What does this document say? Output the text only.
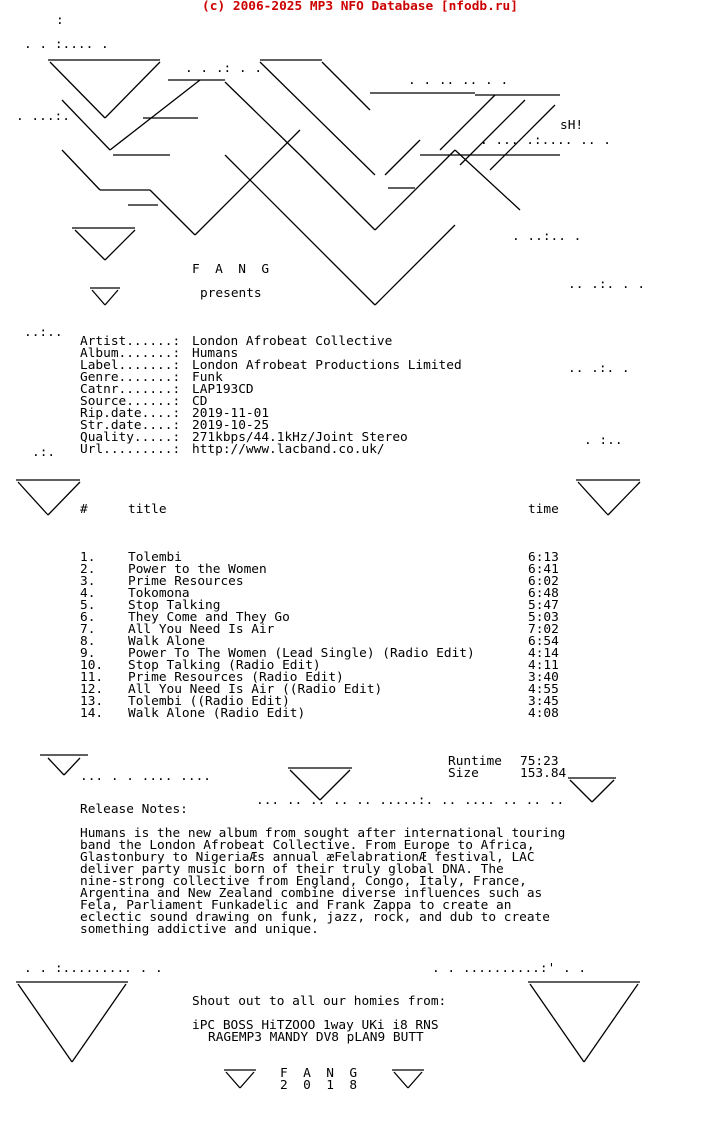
(c) 2006-2025 MP3 NFO Database [nfodb.ru]
:
. . :.... .
. . .: . .
. . .. .. . .
. ...:.
. ... .:.... .. .
..:..
.. .:. .
.. .:. . .
. ..:.. .
. :..
.:.
... . . .... ....
... .. .. .. .. .....:. .. .... .. .. ..
. . :......... . .	. . ..........:' . .
sH!
F  A  N  G
presents
Artist......: London Afrobeat Collective
Album.......: Humans
Label.......: London Afrobeat Productions Limited
Genre.......: Funk
Catnr.......: LAP193CD
Source......: CD
Rip.date....: 2019-11-01
Str.date....: 2019-10-25
Quality.....: 271kbps/44.1kHz/Joint Stereo
Url.........: http://www.lacband.co.uk/
#	title	time
1.	Tolembi	6:13
2.	Power to the Women	6:41
3.	Prime Resources	6:02
4.	Tokomona	6:48
5.	Stop Talking	5:47
6.	They Come and They Go	5:03
7.	All You Need Is Air	7:02
8.	Walk Alone	6:54
9.	Power To The Women (Lead Single) (Radio Edit)	4:14
10. Stop Talking (Radio Edit)	4:11
11. Prime Resources (Radio Edit)	3:40
12. All You Need Is Air ((Radio Edit)	4:55
13. Tolembi ((Radio Edit)	3:45
14. Walk Alone (Radio Edit)	4:08
Runtime 75:23
Size	153.84
Release Notes:
Humans is the new album from sought after international touring
band the London Afrobeat Collective. From Europe to Africa,
Glastonbury to NigeriaÆs annual æFelabrationÆ festival, LAC
deliver party music born of their truly global DNA. The
nine-strong collective from England, Congo, Italy, France,
Argentina and New Zealand combine diverse influences such as
Fela, Parliament Funkadelic and Frank Zappa to create an
eclectic sound drawing on funk, jazz, rock, and dub to create
something addictive and unique.
Shout out to all our homies from:
iPC BOSS HiTZOOO 1way UKi i8 RNS
RAGEMP3 MANDY DV8 pLAN9 BUTT
F  A  N  G
2  0  1  8
